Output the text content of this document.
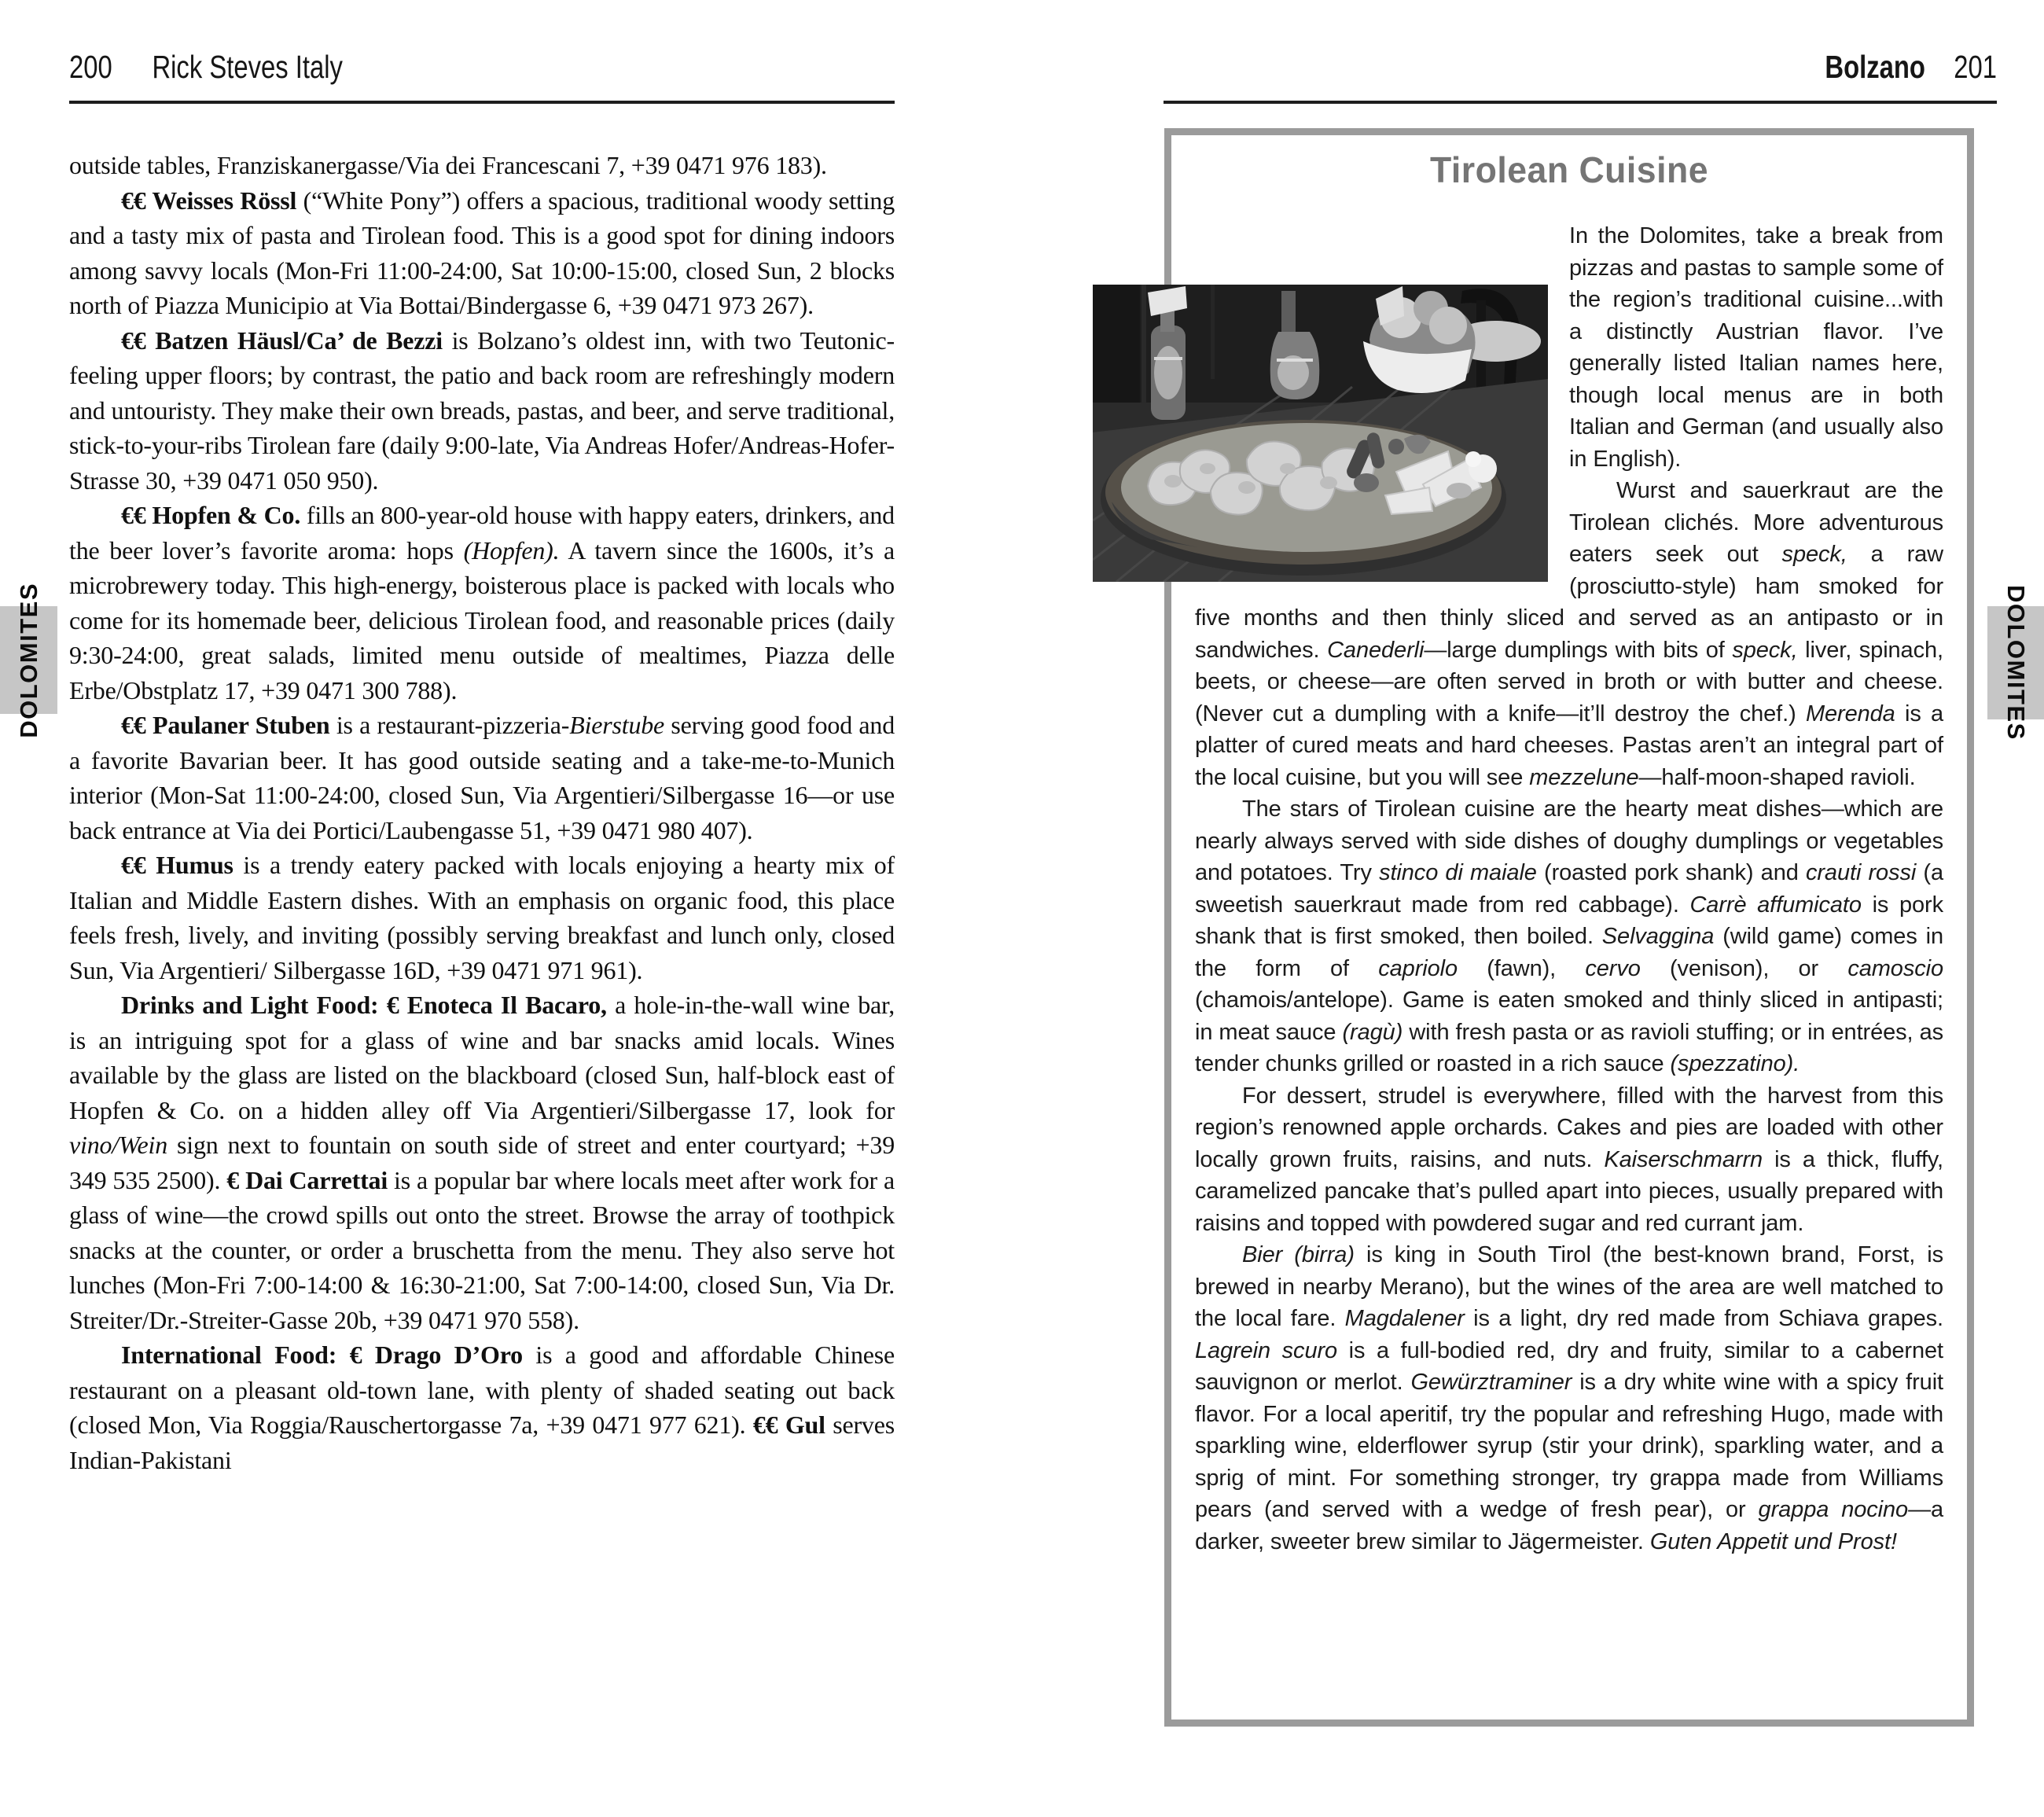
200 Rick Steves Italy

outside tables, Franziskanergasse/Via dei Francescani 7, +39 0471 976 183).

€€ Weisses Rössl (“White Pony”) offers a spacious, traditional woody setting and a tasty mix of pasta and Tirolean food. This is a good spot for dining indoors among savvy locals (Mon-Fri 11:00-24:00, Sat 10:00-15:00, closed Sun, 2 blocks north of Piazza Municipio at Via Bottai/Bindergasse 6, +39 0471 973 267).

€€ Batzen Häusl/Ca’ de Bezzi is Bolzano’s oldest inn, with two Teutonic-feeling upper floors; by contrast, the patio and back room are refreshingly modern and untouristy. They make their own breads, pastas, and beer, and serve traditional, stick-to-your-ribs Tirolean fare (daily 9:00-late, Via Andreas Hofer/Andreas-Hofer-Strasse 30, +39 0471 050 950).

€€ Hopfen & Co. fills an 800-year-old house with happy eaters, drinkers, and the beer lover’s favorite aroma: hops (Hopfen). A tavern since the 1600s, it’s a microbrewery today. This high-energy, boisterous place is packed with locals who come for its homemade beer, delicious Tirolean food, and reasonable prices (daily 9:30-24:00, great salads, limited menu outside of mealtimes, Piazza delle Erbe/Obstplatz 17, +39 0471 300 788).

€€ Paulaner Stuben is a restaurant-pizzeria-Bierstube serving good food and a favorite Bavarian beer. It has good outside seating and a take-me-to-Munich interior (Mon-Sat 11:00-24:00, closed Sun, Via Argentieri/Silbergasse 16—or use back entrance at Via dei Portici/Laubengasse 51, +39 0471 980 407).

€€ Humus is a trendy eatery packed with locals enjoying a hearty mix of Italian and Middle Eastern dishes. With an emphasis on organic food, this place feels fresh, lively, and inviting (possibly serving breakfast and lunch only, closed Sun, Via Argentieri/ Silbergasse 16D, +39 0471 971 961).

Drinks and Light Food: € Enoteca Il Bacaro, a hole-in-the-wall wine bar, is an intriguing spot for a glass of wine and bar snacks amid locals. Wines available by the glass are listed on the blackboard (closed Sun, half-block east of Hopfen & Co. on a hidden alley off Via Argentieri/Silbergasse 17, look for vino/Wein sign next to fountain on south side of street and enter courtyard; +39 349 535 2500). € Dai Carrettai is a popular bar where locals meet after work for a glass of wine—the crowd spills out onto the street. Browse the array of toothpick snacks at the counter, or order a bruschetta from the menu. They also serve hot lunches (Mon-Fri 7:00-14:00 & 16:30-21:00, Sat 7:00-14:00, closed Sun, Via Dr. Streiter/Dr.-Streiter-Gasse 20b, +39 0471 970 558).

International Food: € Drago D’Oro is a good and affordable Chinese restaurant on a pleasant old-town lane, with plenty of shaded seating out back (closed Mon, Via Roggia/Rauschertorgasse 7a, +39 0471 977 621). €€ Gul serves Indian-Pakistani

DOLOMITES
Bolzano 201
Tirolean Cuisine

In the Dolomites, take a break from pizzas and pastas to sample some of the region’s traditional cuisine...with a distinctly Austrian flavor. I’ve generally listed Italian names here, though local menus are in both Italian and German (and usually also in English).

Wurst and sauerkraut are the Tirolean clichés. More adventurous eaters seek out speck, a raw (prosciutto-style) ham smoked for five months and then thinly sliced and served as an antipasto or in sandwiches. Canederli—large dumplings with bits of speck, liver, spinach, beets, or cheese—are often served in broth or with butter and cheese. (Never cut a dumpling with a knife—it’ll destroy the chef.) Merenda is a platter of cured meats and hard cheeses. Pastas aren’t an integral part of the local cuisine, but you will see mezzelune—half-moon-shaped ravioli.

The stars of Tirolean cuisine are the hearty meat dishes—which are nearly always served with side dishes of doughy dumplings or vegetables and potatoes. Try stinco di maiale (roasted pork shank) and crauti rossi (a sweetish sauerkraut made from red cabbage). Carrè affumicato is pork shank that is first smoked, then boiled. Selvaggina (wild game) comes in the form of capriolo (fawn), cervo (venison), or camoscio (chamois/antelope). Game is eaten smoked and thinly sliced in antipasti; in meat sauce (ragù) with fresh pasta or as ravioli stuffing; or in entrées, as tender chunks grilled or roasted in a rich sauce (spezzatino).

For dessert, strudel is everywhere, filled with the harvest from this region’s renowned apple orchards. Cakes and pies are loaded with other locally grown fruits, raisins, and nuts. Kaiserschmarrn is a thick, fluffy, caramelized pancake that’s pulled apart into pieces, usually prepared with raisins and topped with powdered sugar and red currant jam.

Bier (birra) is king in South Tirol (the best-known brand, Forst, is brewed in nearby Merano), but the wines of the area are well matched to the local fare. Magdalener is a light, dry red made from Schiava grapes. Lagrein scuro is a full-bodied red, dry and fruity, similar to a cabernet sauvignon or merlot. Gewürztraminer is a dry white wine with a spicy fruit flavor. For a local aperitif, try the popular and refreshing Hugo, made with sparkling wine, elderflower syrup (stir your drink), sparkling water, and a sprig of mint. For something stronger, try grappa made from Williams pears (and served with a wedge of fresh pear), or grappa nocino—a darker, sweeter brew similar to Jägermeister. Guten Appetit und Prost!

DOLOMITES
